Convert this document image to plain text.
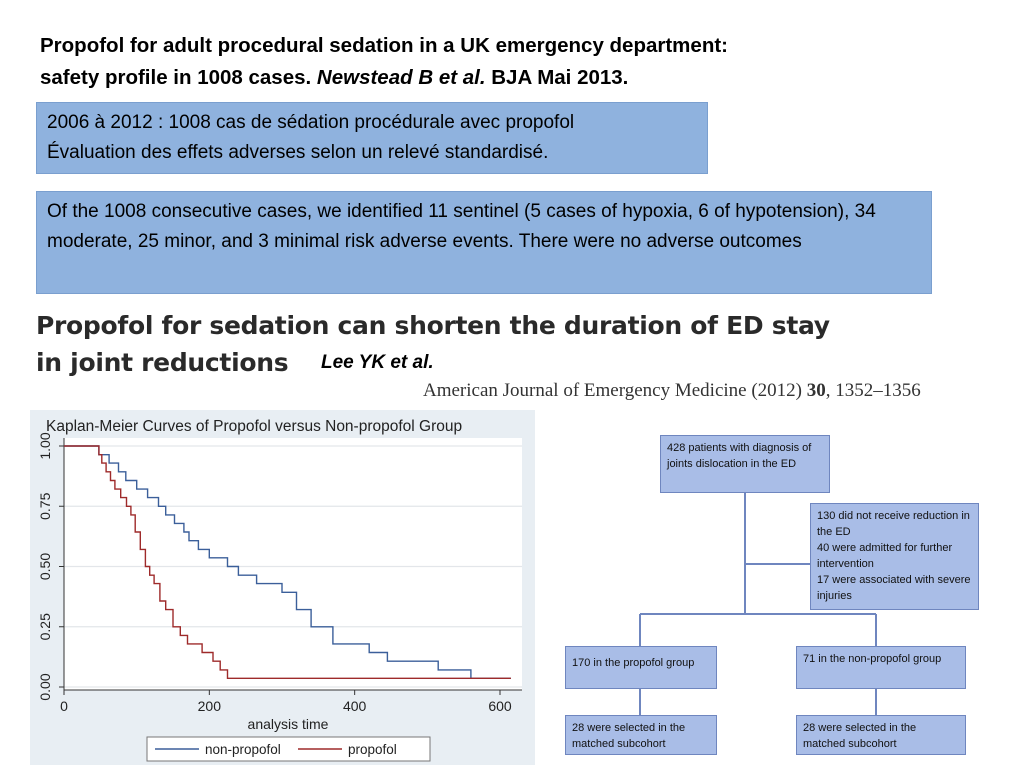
Propofol for adult procedural sedation in a UK emergency department:
safety profile in 1008 cases. Newstead B et al. BJA Mai 2013.
2006 à 2012 : 1008 cas de sédation procédurale avec propofol
Évaluation des effets adverses selon un relevé standardisé.
Of the 1008 consecutive cases, we identified 11 sentinel (5 cases of hypoxia, 6 of hypotension), 34 moderate, 25 minor, and 3 minimal risk adverse events. There were no adverse outcomes
Propofol for sedation can shorten the duration of ED stay
in joint reductions	Lee YK et al.
American Journal of Emergency Medicine (2012) 30, 1352–1356
Kaplan-Meier Curves of Propofol versus Non-propofol Group
0.00
0.25
0.50
0.75
1.00
0	200	400	600
analysis time
non-propofol	propofol
428 patients with diagnosis of joints dislocation in the ED
130 did not receive reduction in the ED
40 were admitted for further intervention
17 were associated with severe injuries
170 in the propofol group	71 in the non-propofol group
28 were selected in the matched subcohort
28 were selected in the matched subcohort
